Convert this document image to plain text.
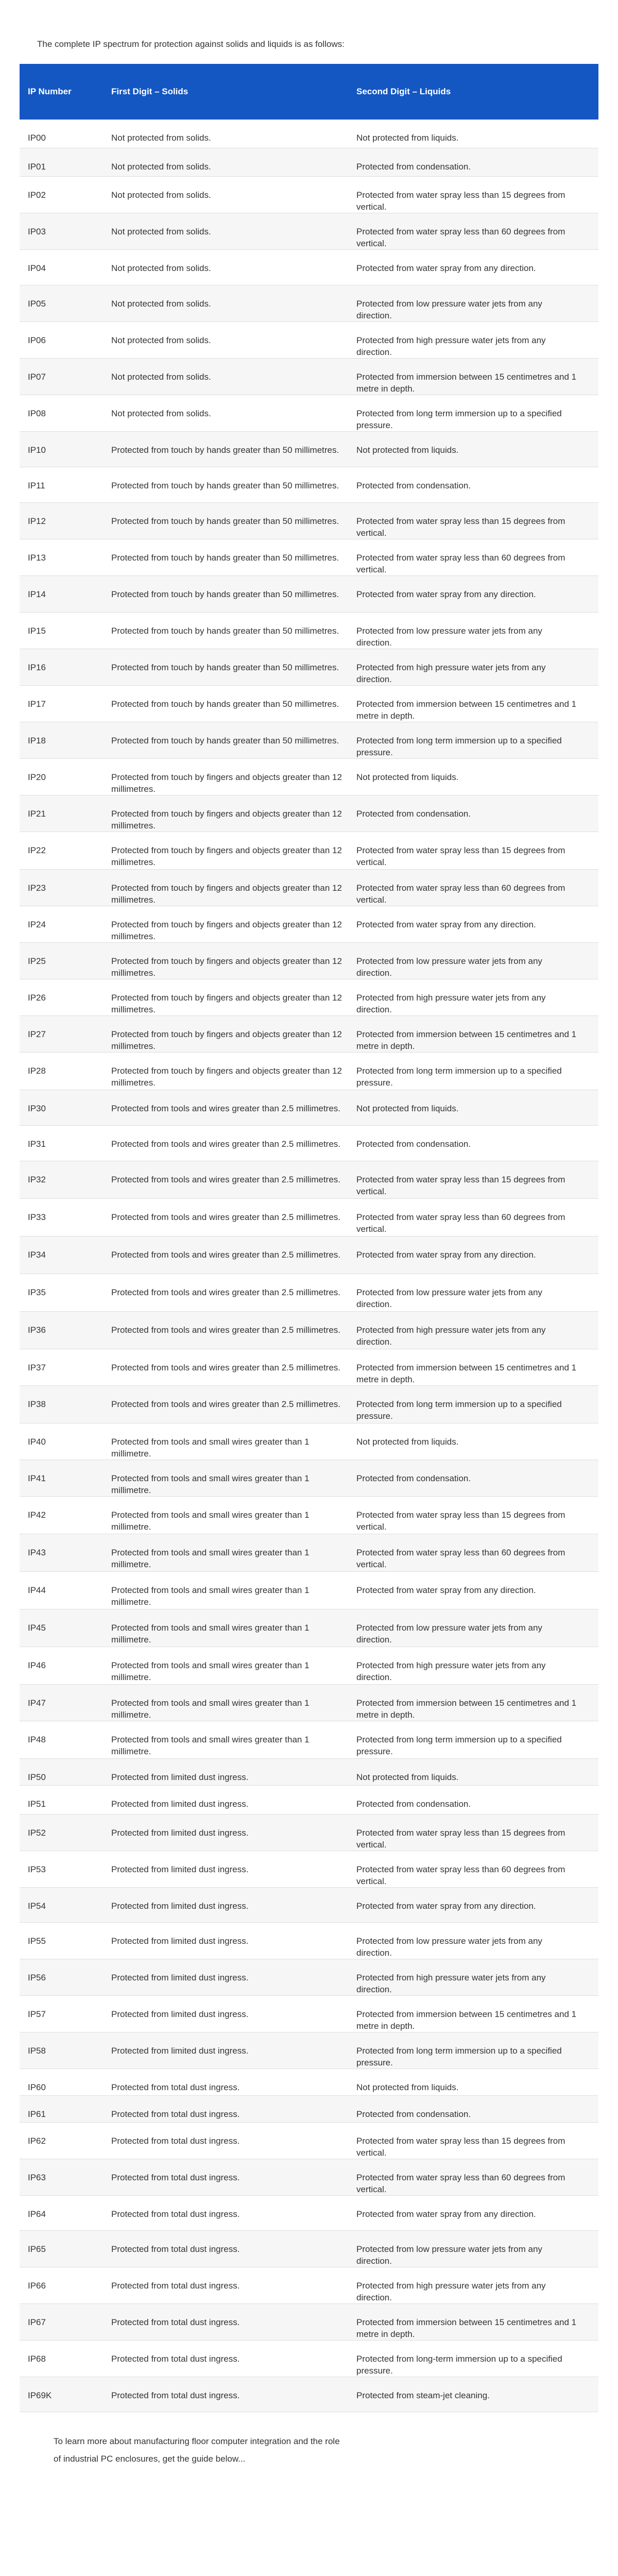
The complete IP spectrum for protection against solids and liquids is as follows:

IP Number	First Digit – Solids	Second Digit – Liquids
IP00	Not protected from solids.	Not protected from liquids.
IP01	Not protected from solids.	Protected from condensation.
IP02	Not protected from solids.	Protected from water spray less than 15 degrees from vertical.
IP03	Not protected from solids.	Protected from water spray less than 60 degrees from vertical.
IP04	Not protected from solids.	Protected from water spray from any direction.
IP05	Not protected from solids.	Protected from low pressure water jets from any direction.
IP06	Not protected from solids.	Protected from high pressure water jets from any direction.
IP07	Not protected from solids.	Protected from immersion between 15 centimetres and 1 metre in depth.
IP08	Not protected from solids.	Protected from long term immersion up to a specified pressure.
IP10	Protected from touch by hands greater than 50 millimetres.	Not protected from liquids.
IP11	Protected from touch by hands greater than 50 millimetres.	Protected from condensation.
IP12	Protected from touch by hands greater than 50 millimetres.	Protected from water spray less than 15 degrees from vertical.
IP13	Protected from touch by hands greater than 50 millimetres.	Protected from water spray less than 60 degrees from vertical.
IP14	Protected from touch by hands greater than 50 millimetres.	Protected from water spray from any direction.
IP15	Protected from touch by hands greater than 50 millimetres.	Protected from low pressure water jets from any direction.
IP16	Protected from touch by hands greater than 50 millimetres.	Protected from high pressure water jets from any direction.
IP17	Protected from touch by hands greater than 50 millimetres.	Protected from immersion between 15 centimetres and 1 metre in depth.
IP18	Protected from touch by hands greater than 50 millimetres.	Protected from long term immersion up to a specified pressure.
IP20	Protected from touch by fingers and objects greater than 12 millimetres.	Not protected from liquids.
IP21	Protected from touch by fingers and objects greater than 12 millimetres.	Protected from condensation.
IP22	Protected from touch by fingers and objects greater than 12 millimetres.	Protected from water spray less than 15 degrees from vertical.
IP23	Protected from touch by fingers and objects greater than 12 millimetres.	Protected from water spray less than 60 degrees from vertical.
IP24	Protected from touch by fingers and objects greater than 12 millimetres.	Protected from water spray from any direction.
IP25	Protected from touch by fingers and objects greater than 12 millimetres.	Protected from low pressure water jets from any direction.
IP26	Protected from touch by fingers and objects greater than 12 millimetres.	Protected from high pressure water jets from any direction.
IP27	Protected from touch by fingers and objects greater than 12 millimetres.	Protected from immersion between 15 centimetres and 1 metre in depth.
IP28	Protected from touch by fingers and objects greater than 12 millimetres.	Protected from long term immersion up to a specified pressure.
IP30	Protected from tools and wires greater than 2.5 millimetres.	Not protected from liquids.
IP31	Protected from tools and wires greater than 2.5 millimetres.	Protected from condensation.
IP32	Protected from tools and wires greater than 2.5 millimetres.	Protected from water spray less than 15 degrees from vertical.
IP33	Protected from tools and wires greater than 2.5 millimetres.	Protected from water spray less than 60 degrees from vertical.
IP34	Protected from tools and wires greater than 2.5 millimetres.	Protected from water spray from any direction.
IP35	Protected from tools and wires greater than 2.5 millimetres.	Protected from low pressure water jets from any direction.
IP36	Protected from tools and wires greater than 2.5 millimetres.	Protected from high pressure water jets from any direction.
IP37	Protected from tools and wires greater than 2.5 millimetres.	Protected from immersion between 15 centimetres and 1 metre in depth.
IP38	Protected from tools and wires greater than 2.5 millimetres.	Protected from long term immersion up to a specified pressure.
IP40	Protected from tools and small wires greater than 1 millimetre.	Not protected from liquids.
IP41	Protected from tools and small wires greater than 1 millimetre.	Protected from condensation.
IP42	Protected from tools and small wires greater than 1 millimetre.	Protected from water spray less than 15 degrees from vertical.
IP43	Protected from tools and small wires greater than 1 millimetre.	Protected from water spray less than 60 degrees from vertical.
IP44	Protected from tools and small wires greater than 1 millimetre.	Protected from water spray from any direction.
IP45	Protected from tools and small wires greater than 1 millimetre.	Protected from low pressure water jets from any direction.
IP46	Protected from tools and small wires greater than 1 millimetre.	Protected from high pressure water jets from any direction.
IP47	Protected from tools and small wires greater than 1 millimetre.	Protected from immersion between 15 centimetres and 1 metre in depth.
IP48	Protected from tools and small wires greater than 1 millimetre.	Protected from long term immersion up to a specified pressure.
IP50	Protected from limited dust ingress.	Not protected from liquids.
IP51	Protected from limited dust ingress.	Protected from condensation.
IP52	Protected from limited dust ingress.	Protected from water spray less than 15 degrees from vertical.
IP53	Protected from limited dust ingress.	Protected from water spray less than 60 degrees from vertical.
IP54	Protected from limited dust ingress.	Protected from water spray from any direction.
IP55	Protected from limited dust ingress.	Protected from low pressure water jets from any direction.
IP56	Protected from limited dust ingress.	Protected from high pressure water jets from any direction.
IP57	Protected from limited dust ingress.	Protected from immersion between 15 centimetres and 1 metre in depth.
IP58	Protected from limited dust ingress.	Protected from long term immersion up to a specified pressure.
IP60	Protected from total dust ingress.	Not protected from liquids.
IP61	Protected from total dust ingress.	Protected from condensation.
IP62	Protected from total dust ingress.	Protected from water spray less than 15 degrees from vertical.
IP63	Protected from total dust ingress.	Protected from water spray less than 60 degrees from vertical.
IP64	Protected from total dust ingress.	Protected from water spray from any direction.
IP65	Protected from total dust ingress.	Protected from low pressure water jets from any direction.
IP66	Protected from total dust ingress.	Protected from high pressure water jets from any direction.
IP67	Protected from total dust ingress.	Protected from immersion between 15 centimetres and 1 metre in depth.
IP68	Protected from total dust ingress.	Protected from long-term immersion up to a specified pressure.
IP69K	Protected from total dust ingress.	Protected from steam-jet cleaning.

To learn more about manufacturing floor computer integration and the role of industrial PC enclosures, get the guide below...
